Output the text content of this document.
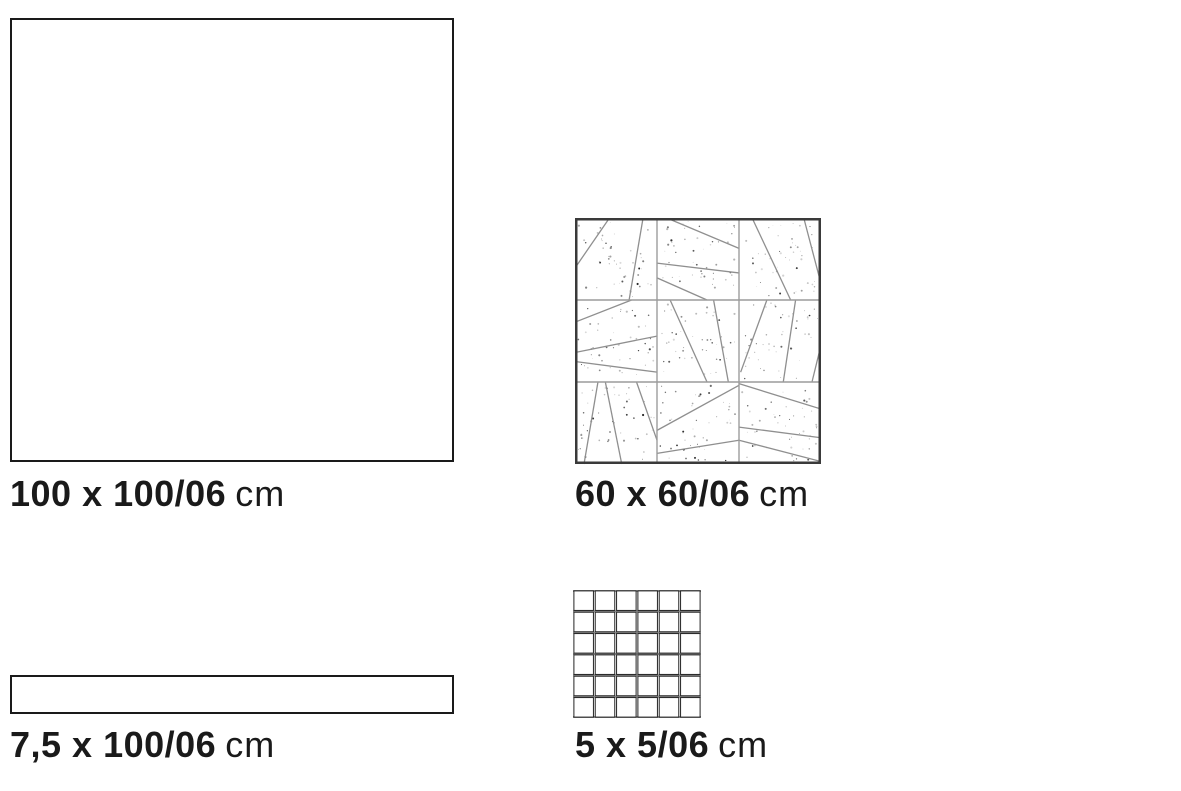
100 x 100/06 cm	60 x 60/06 cm
7,5 x 100/06 cm	5 x 5/06 cm
